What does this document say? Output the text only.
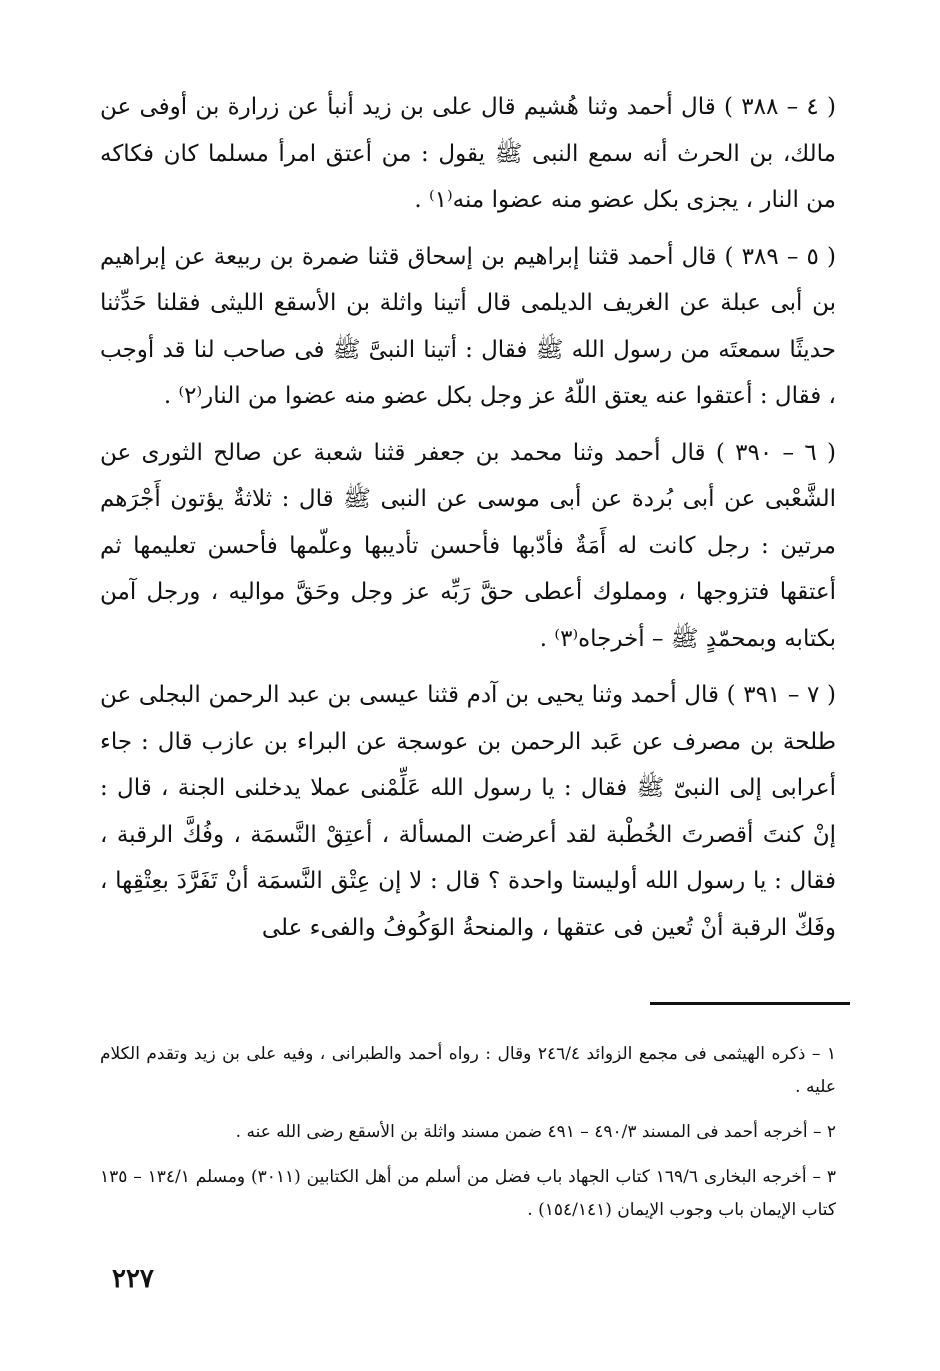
( ٤ – ٣٨٨ ) قال أحمد وثنا هُشيم قال على بن زيد أنبأ عن زرارة بن أوفى عن مالك، بن الحرث أنه سمع النبى ﷺ يقول : من أعتق امرأ مسلما كان فكاكه من النار ، يجزى بكل عضو منه عضوا منه⁽١⁾ .

( ٥ – ٣٨٩ ) قال أحمد قثنا إبراهيم بن إسحاق قثنا ضمرة بن ربيعة عن إبراهيم بن أبى عبلة عن الغريف الديلمى قال أتينا واثلة بن الأسقع الليثى فقلنا حَدِّثنا حديثًا سمعتَه من رسول الله ﷺ فقال : أتينا النبىَّ ﷺ فى صاحب لنا قد أوجب ، فقال : أعتقوا عنه يعتق اللّهُ عز وجل بكل عضو منه عضوا من النار⁽٢⁾ .

( ٦ – ٣٩٠ ) قال أحمد وثنا محمد بن جعفر قثنا شعبة عن صالح الثورى عن الشَّعْبى عن أبى بُردة عن أبى موسى عن النبى ﷺ قال : ثلاثةٌ يؤتون أَجْرَهم مرتين : رجل كانت له أَمَةٌ فأدّبها فأحسن تأديبها وعلّمها فأحسن تعليمها ثم أعتقها فتزوجها ، ومملوك أعطى حقَّ رَبِّه عز وجل وحَقَّ مواليه ، ورجل آمن بكتابه وبمحمّدٍ ﷺ – أخرجاه⁽٣⁾ .

( ٧ – ٣٩١ ) قال أحمد وثنا يحيى بن آدم قثنا عيسى بن عبد الرحمن البجلى عن طلحة بن مصرف عن عَبد الرحمن بن عوسجة عن البراء بن عازب قال : جاء أعرابى إلى النبىّ ﷺ فقال : يا رسول الله عَلِّمْنى عملا يدخلنى الجنة ، قال : إنْ كنتَ أقصرتَ الخُطْبة لقد أعرضت المسألة ، أعتِقْ النَّسمَة ، وفُكَّ الرقبة ، فقال : يا رسول الله أوليستا واحدة ؟ قال : لا إن عِتْق النَّسمَة أنْ تَفَرَّدَ بعِتْقِها ، وفَكّ الرقبة أنْ تُعين فى عتقها ، والمنحةُ الوَكُوفُ والفىء على

١ – ذكره الهيثمى فى مجمع الزوائد ٢٤٦/٤ وقال : رواه أحمد والطبرانى ، وفيه على بن زيد وتقدم الكلام عليه .

٢ – أخرجه أحمد فى المسند ٤٩٠/٣ – ٤٩١ ضمن مسند واثلة بن الأسقع رضى الله عنه .

٣ – أخرجه البخارى ١٦٩/٦ كتاب الجهاد باب فضل من أسلم من أهل الكتابين (٣٠١١) ومسلم ١٣٤/١ – ١٣٥ كتاب الإيمان باب وجوب الإيمان (١٥٤/١٤١) .

٢٢٧
